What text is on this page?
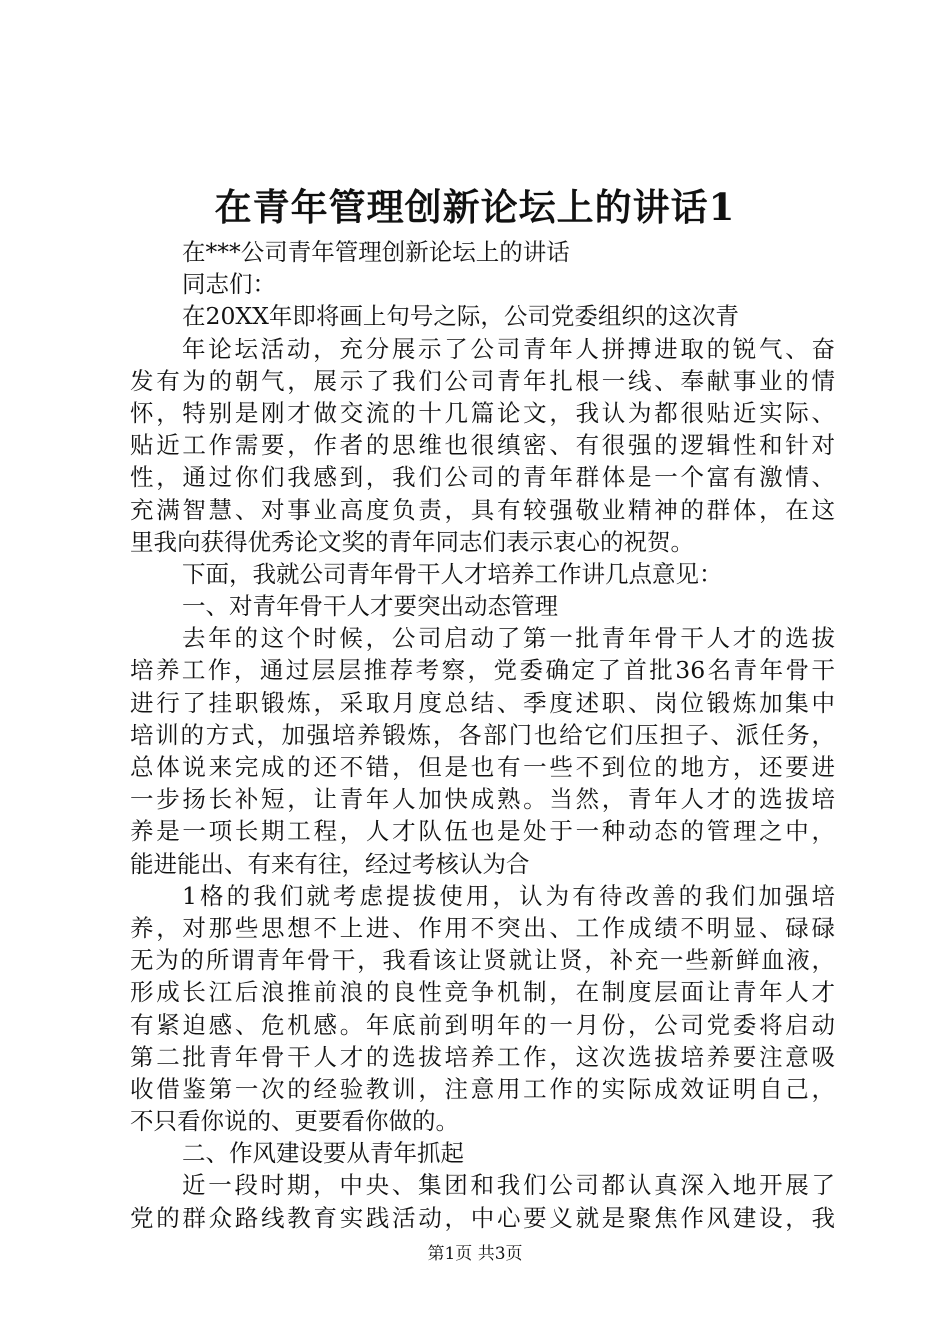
在青年管理创新论坛上的讲话1
在***公司青年管理创新论坛上的讲话
同志们：
在20XX年即将画上句号之际，公司党委组织的这次青
年论坛活动，充分展示了公司青年人拼搏进取的锐气、奋
发有为的朝气，展示了我们公司青年扎根一线、奉献事业的情
怀，特别是刚才做交流的十几篇论文，我认为都很贴近实际、
贴近工作需要，作者的思维也很缜密、有很强的逻辑性和针对
性，通过你们我感到，我们公司的青年群体是一个富有激情、
充满智慧、对事业高度负责，具有较强敬业精神的群体，在这
里我向获得优秀论文奖的青年同志们表示衷心的祝贺。
下面，我就公司青年骨干人才培养工作讲几点意见：
一、对青年骨干人才要突出动态管理
去年的这个时候，公司启动了第一批青年骨干人才的选拔
培养工作，通过层层推荐考察，党委确定了首批36名青年骨干
进行了挂职锻炼，采取月度总结、季度述职、岗位锻炼加集中
培训的方式，加强培养锻炼，各部门也给它们压担子、派任务，
总体说来完成的还不错，但是也有一些不到位的地方，还要进
一步扬长补短，让青年人加快成熟。当然，青年人才的选拔培
养是一项长期工程，人才队伍也是处于一种动态的管理之中，
能进能出、有来有往，经过考核认为合
1格的我们就考虑提拔使用，认为有待改善的我们加强培
养，对那些思想不上进、作用不突出、工作成绩不明显、碌碌
无为的所谓青年骨干，我看该让贤就让贤，补充一些新鲜血液，
形成长江后浪推前浪的良性竞争机制，在制度层面让青年人才
有紧迫感、危机感。年底前到明年的一月份，公司党委将启动
第二批青年骨干人才的选拔培养工作，这次选拔培养要注意吸
收借鉴第一次的经验教训，注意用工作的实际成效证明自己，
不只看你说的、更要看你做的。
二、作风建设要从青年抓起
近一段时期，中央、集团和我们公司都认真深入地开展了
党的群众路线教育实践活动，中心要义就是聚焦作风建设，我
第1页 共3页
